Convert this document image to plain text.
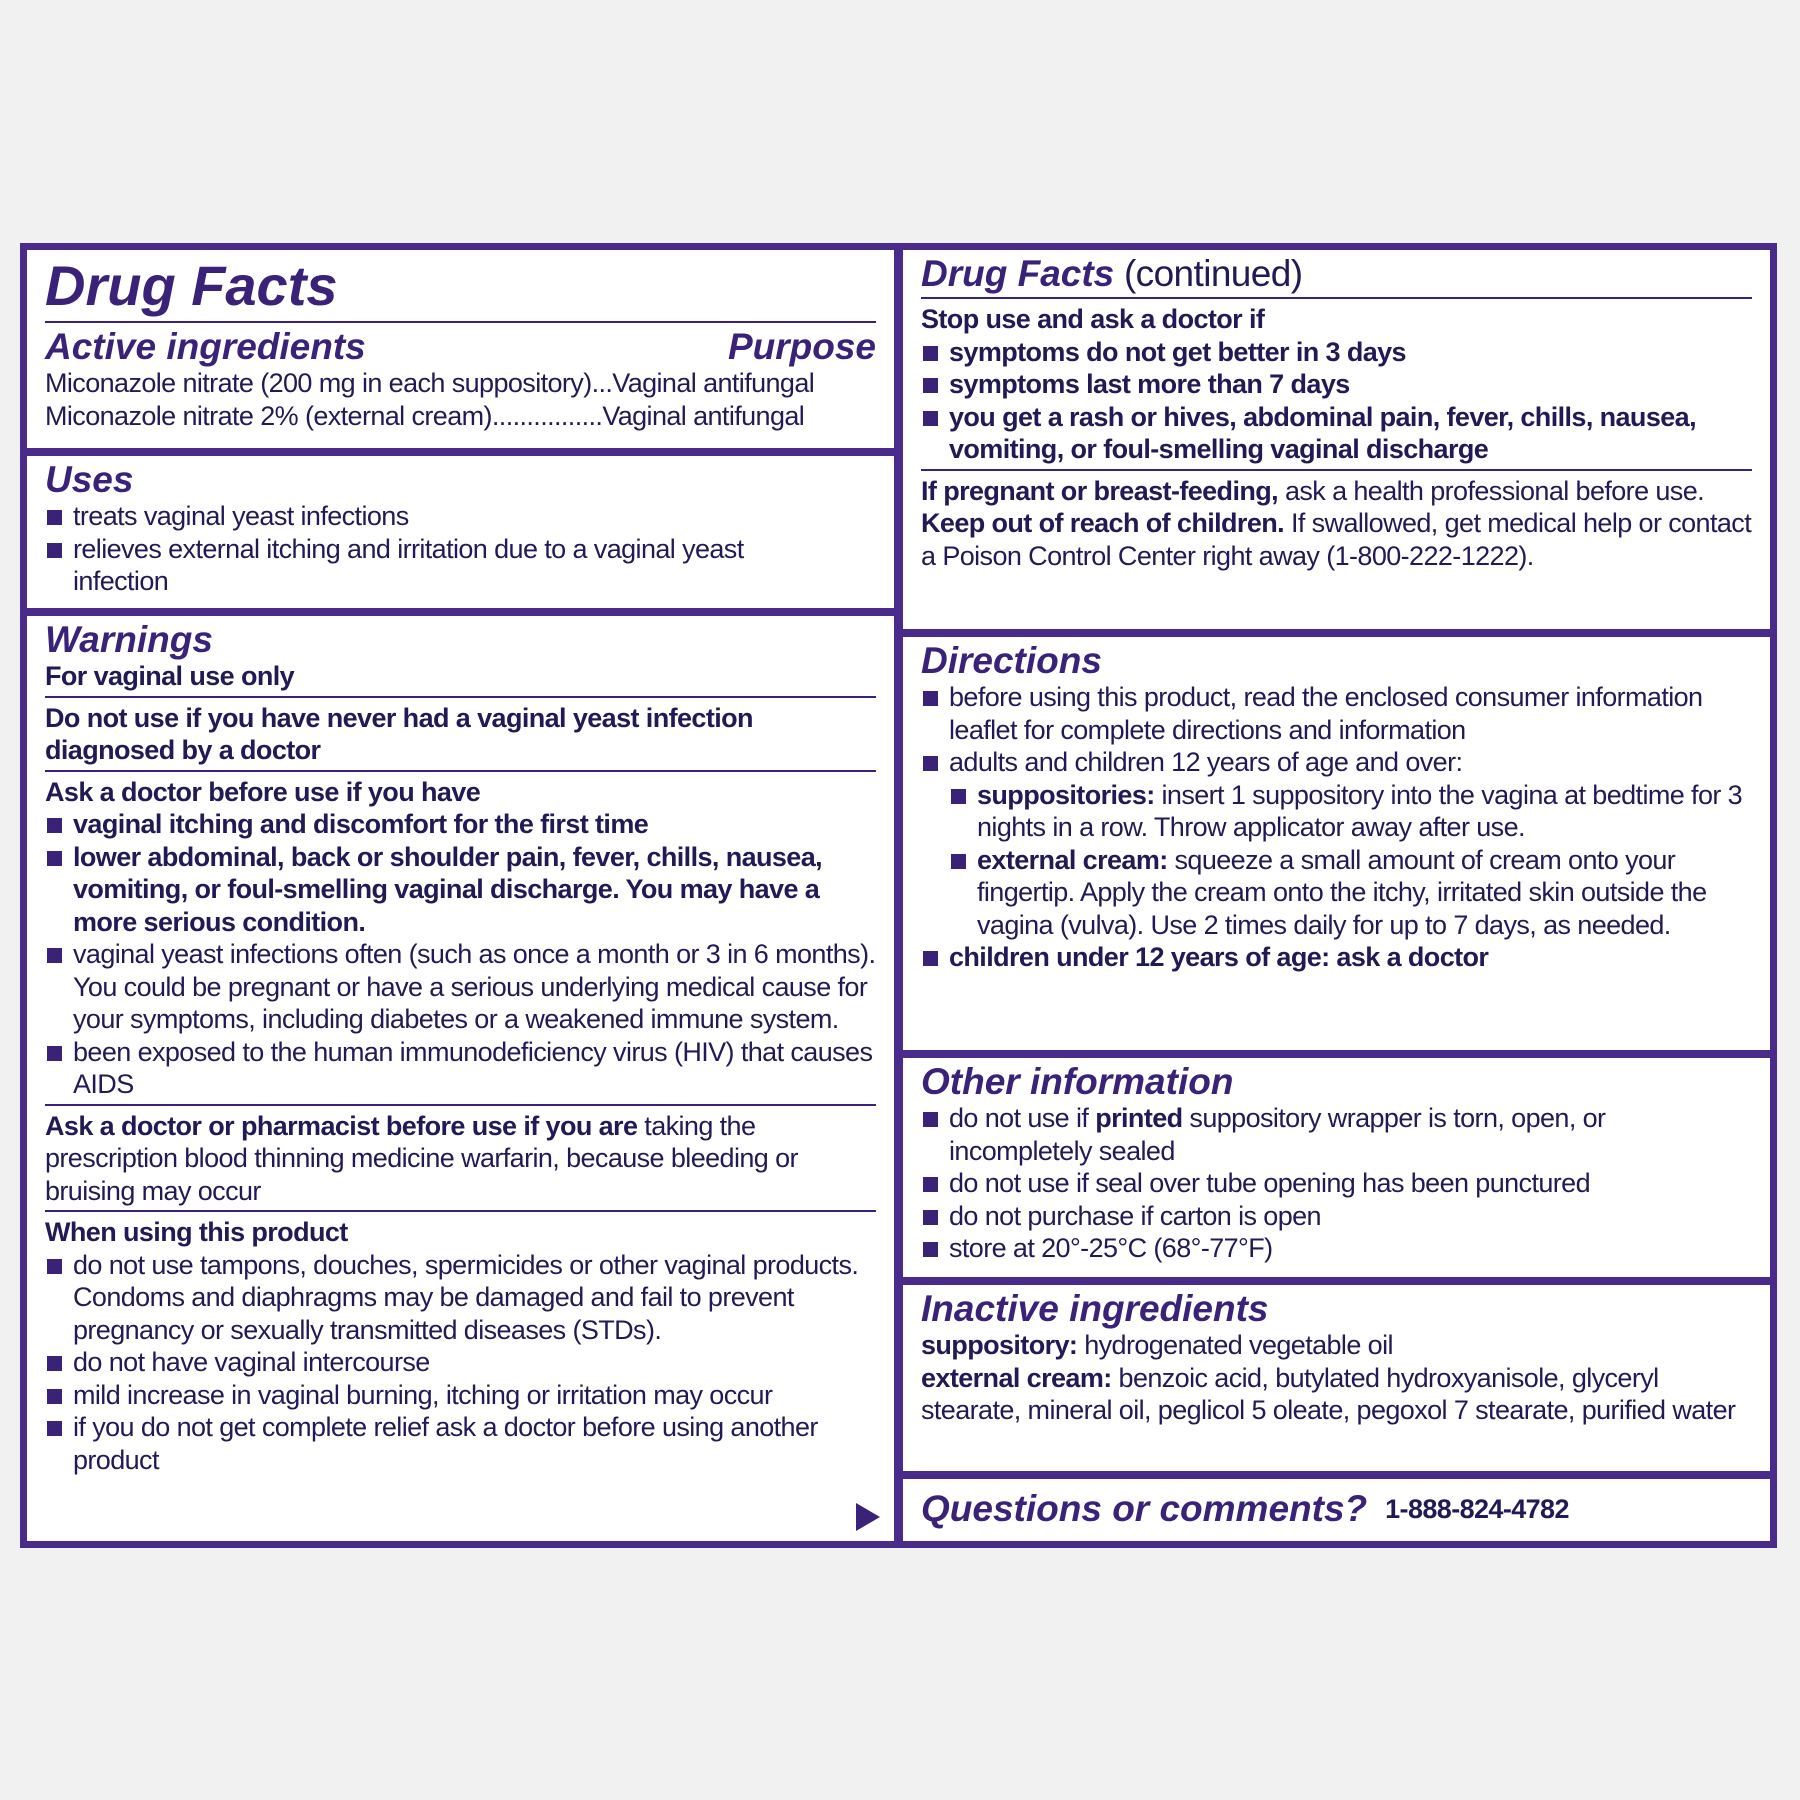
Drug Facts
Active ingredients	Purpose
Miconazole nitrate (200 mg in each suppository)...Vaginal antifungal
Miconazole nitrate 2% (external cream)................Vaginal antifungal
Uses
treats vaginal yeast infections
relieves external itching and irritation due to a vaginal yeast infection
Warnings
For vaginal use only
Do not use if you have never had a vaginal yeast infection diagnosed by a doctor
Ask a doctor before use if you have
vaginal itching and discomfort for the first time
lower abdominal, back or shoulder pain, fever, chills, nausea, vomiting, or foul-smelling vaginal discharge. You may have a more serious condition.
vaginal yeast infections often (such as once a month or 3 in 6 months). You could be pregnant or have a serious underlying medical cause for your symptoms, including diabetes or a weakened immune system.
been exposed to the human immunodeficiency virus (HIV) that causes AIDS
Ask a doctor or pharmacist before use if you are taking the prescription blood thinning medicine warfarin, because bleeding or bruising may occur
When using this product
do not use tampons, douches, spermicides or other vaginal products. Condoms and diaphragms may be damaged and fail to prevent pregnancy or sexually transmitted diseases (STDs).
do not have vaginal intercourse
mild increase in vaginal burning, itching or irritation may occur
if you do not get complete relief ask a doctor before using another product
Drug Facts (continued)
Stop use and ask a doctor if
symptoms do not get better in 3 days
symptoms last more than 7 days
you get a rash or hives, abdominal pain, fever, chills, nausea, vomiting, or foul-smelling vaginal discharge
If pregnant or breast-feeding, ask a health professional before use.
Keep out of reach of children. If swallowed, get medical help or contact a Poison Control Center right away (1-800-222-1222).
Directions
before using this product, read the enclosed consumer information leaflet for complete directions and information
adults and children 12 years of age and over:
suppositories: insert 1 suppository into the vagina at bedtime for 3 nights in a row. Throw applicator away after use.
external cream: squeeze a small amount of cream onto your fingertip. Apply the cream onto the itchy, irritated skin outside the vagina (vulva). Use 2 times daily for up to 7 days, as needed.
children under 12 years of age: ask a doctor
Other information
do not use if printed suppository wrapper is torn, open, or incompletely sealed
do not use if seal over tube opening has been punctured
do not purchase if carton is open
store at 20°-25°C (68°-77°F)
Inactive ingredients
suppository: hydrogenated vegetable oil
external cream: benzoic acid, butylated hydroxyanisole, glyceryl stearate, mineral oil, peglicol 5 oleate, pegoxol 7 stearate, purified water
Questions or comments? 1-888-824-4782
